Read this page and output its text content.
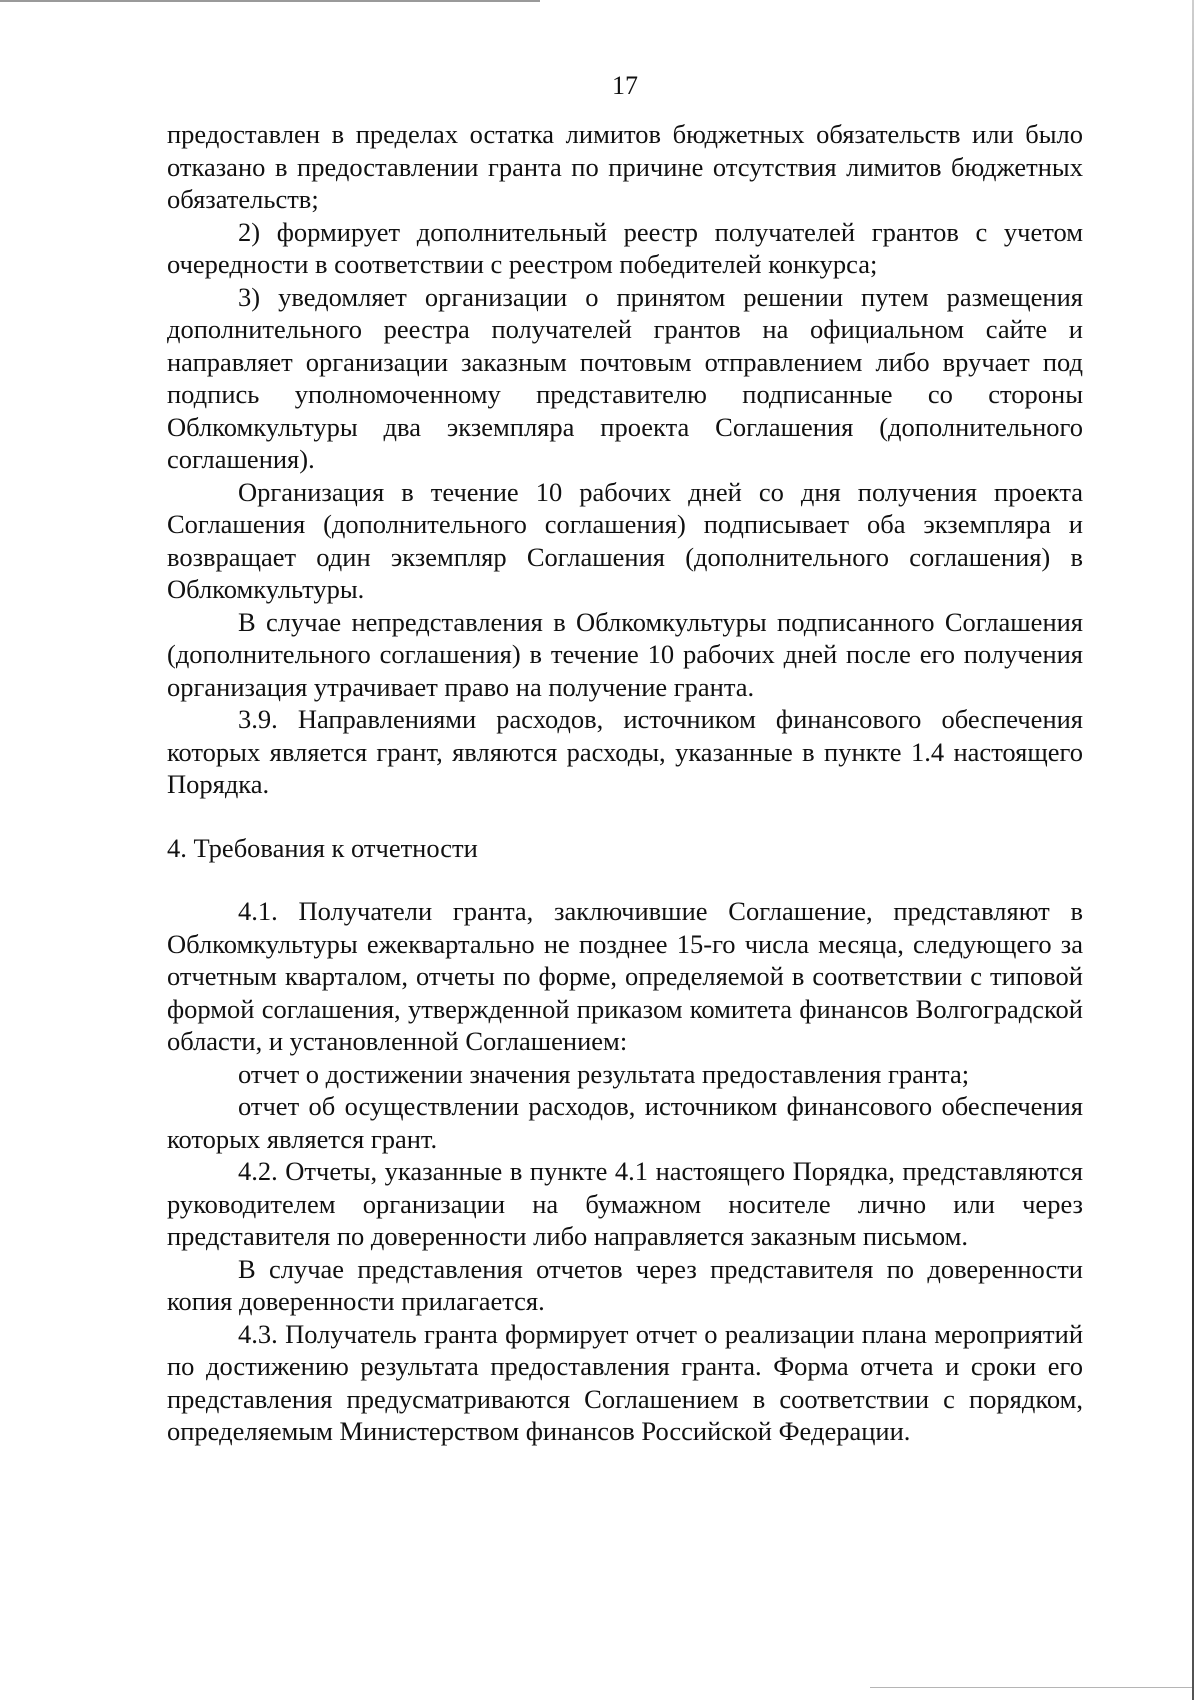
17

предоставлен в пределах остатка лимитов бюджетных обязательств или было отказано в предоставлении гранта по причине отсутствия лимитов бюджетных обязательств;

2) формирует дополнительный реестр получателей грантов с учетом очередности в соответствии с реестром победителей конкурса;

3) уведомляет организации о принятом решении путем размещения дополнительного реестра получателей грантов на официальном сайте и направляет организации заказным почтовым отправлением либо вручает под подпись уполномоченному представителю подписанные со стороны Облкомкультуры два экземпляра проекта Соглашения (дополнительного соглашения).

Организация в течение 10 рабочих дней со дня получения проекта Соглашения (дополнительного соглашения) подписывает оба экземпляра и возвращает один экземпляр Соглашения (дополнительного соглашения) в Облкомкультуры.

В случае непредставления в Облкомкультуры подписанного Соглашения (дополнительного соглашения) в течение 10 рабочих дней после его получения организация утрачивает право на получение гранта.

3.9. Направлениями расходов, источником финансового обеспечения которых является грант, являются расходы, указанные в пункте 1.4 настоящего Порядка.

4. Требования к отчетности

4.1. Получатели гранта, заключившие Соглашение, представляют в Облкомкультуры ежеквартально не позднее 15-го числа месяца, следующего за отчетным кварталом, отчеты по форме, определяемой в соответствии с типовой формой соглашения, утвержденной приказом комитета финансов Волгоградской области, и установленной Соглашением:

отчет о достижении значения результата предоставления гранта;

отчет об осуществлении расходов, источником финансового обеспечения которых является грант.

4.2. Отчеты, указанные в пункте 4.1 настоящего Порядка, представляются руководителем организации на бумажном носителе лично или через представителя по доверенности либо направляется заказным письмом.

В случае представления отчетов через представителя по доверенности копия доверенности прилагается.

4.3. Получатель гранта формирует отчет о реализации плана мероприятий по достижению результата предоставления гранта. Форма отчета и сроки его представления предусматриваются Соглашением в соответствии с порядком, определяемым Министерством финансов Российской Федерации.
